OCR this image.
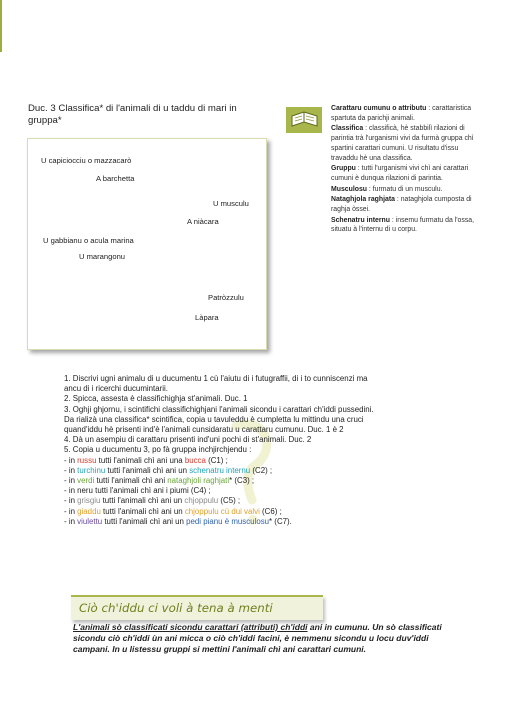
Duc. 3 Classifica* di l'animali di u taddu di mari in gruppa*
U capiciocciu o mazzacarò
A barchetta
U musculu
A niàcara
U gabbianu o acula marina
U marangonu
Patròzzulu
Làpara

Carattaru cumunu o attributu : carattaristica spartuta da parichji animali.

Classifica : classificà, hè stabbilì rilazioni di parintia trà l'urganismi vivi da furmà gruppa chì spartini carattari cumuni. U risultatu d'issu travaddu hè una classifica.

Gruppu : tutti l'urganismi vivi chì ani carattari cumuni è dunqua rilazioni di parintia.

Musculosu : furmatu di un musculu.

Nataghjola raghjata : nataghjola cumposta di raghja òssei.

Schenatru internu : insemu furmatu da l'ossa, situatu à l'internu di u corpu.

1. Discrivi ugni animalu di u ducumentu 1 cù l'aiutu di i futugraffii, di i to cunniscenzi ma
ancu di i ricerchi ducumintarii.
2. Spicca, assesta è classifichighja st'animali. Duc. 1
3. Oghji ghjornu, i scintifichi classifichighjani l'animali sicondu i carattari ch'iddi pussedini.
Da rializà una classifica* scintifica, copia u tavuleddu è cumpletta lu mittindu una cruci
quand'iddu hè prisenti ind'è l'animali cunsidaratu u carattaru cumunu. Duc. 1 è 2
4. Dà un asempiu di carattaru prisenti ind'uni pochi di st'animali. Duc. 2
5. Copia u ducumentu 3, po fà gruppa inchjirchjendu :
- in russu tutti l'animali chì ani una bucca (C1) ;
- in turchinu tutti l'animali chì ani un schenatru internu (C2) ;
- in verdi tutti l'animali chì ani nataghjoli raghjati* (C3) ;
- in neru tutti l'animali chì ani i piumi (C4) ;
- in grisgiu tutti l'animali chì ani un chjoppulu (C5) ;
- in giaddu tutti l'animali chì ani un chjoppulu cù dui valvi (C6) ;
- in viulettu tutti l'animali chì ani un pedi pianu è musculosu* (C7).
Ciò ch'iddu ci voli à tena à menti
L'animali sò classificati sicondu carattari (attributi) ch'iddi ani in cumunu. Un sò classificati sicondu ciò ch'iddi ùn ani micca o ciò ch'iddi facini, è nemmenu sicondu u locu duv'iddi campani. In u listessu gruppi si mettini l'animali chì ani carattari cumuni.
